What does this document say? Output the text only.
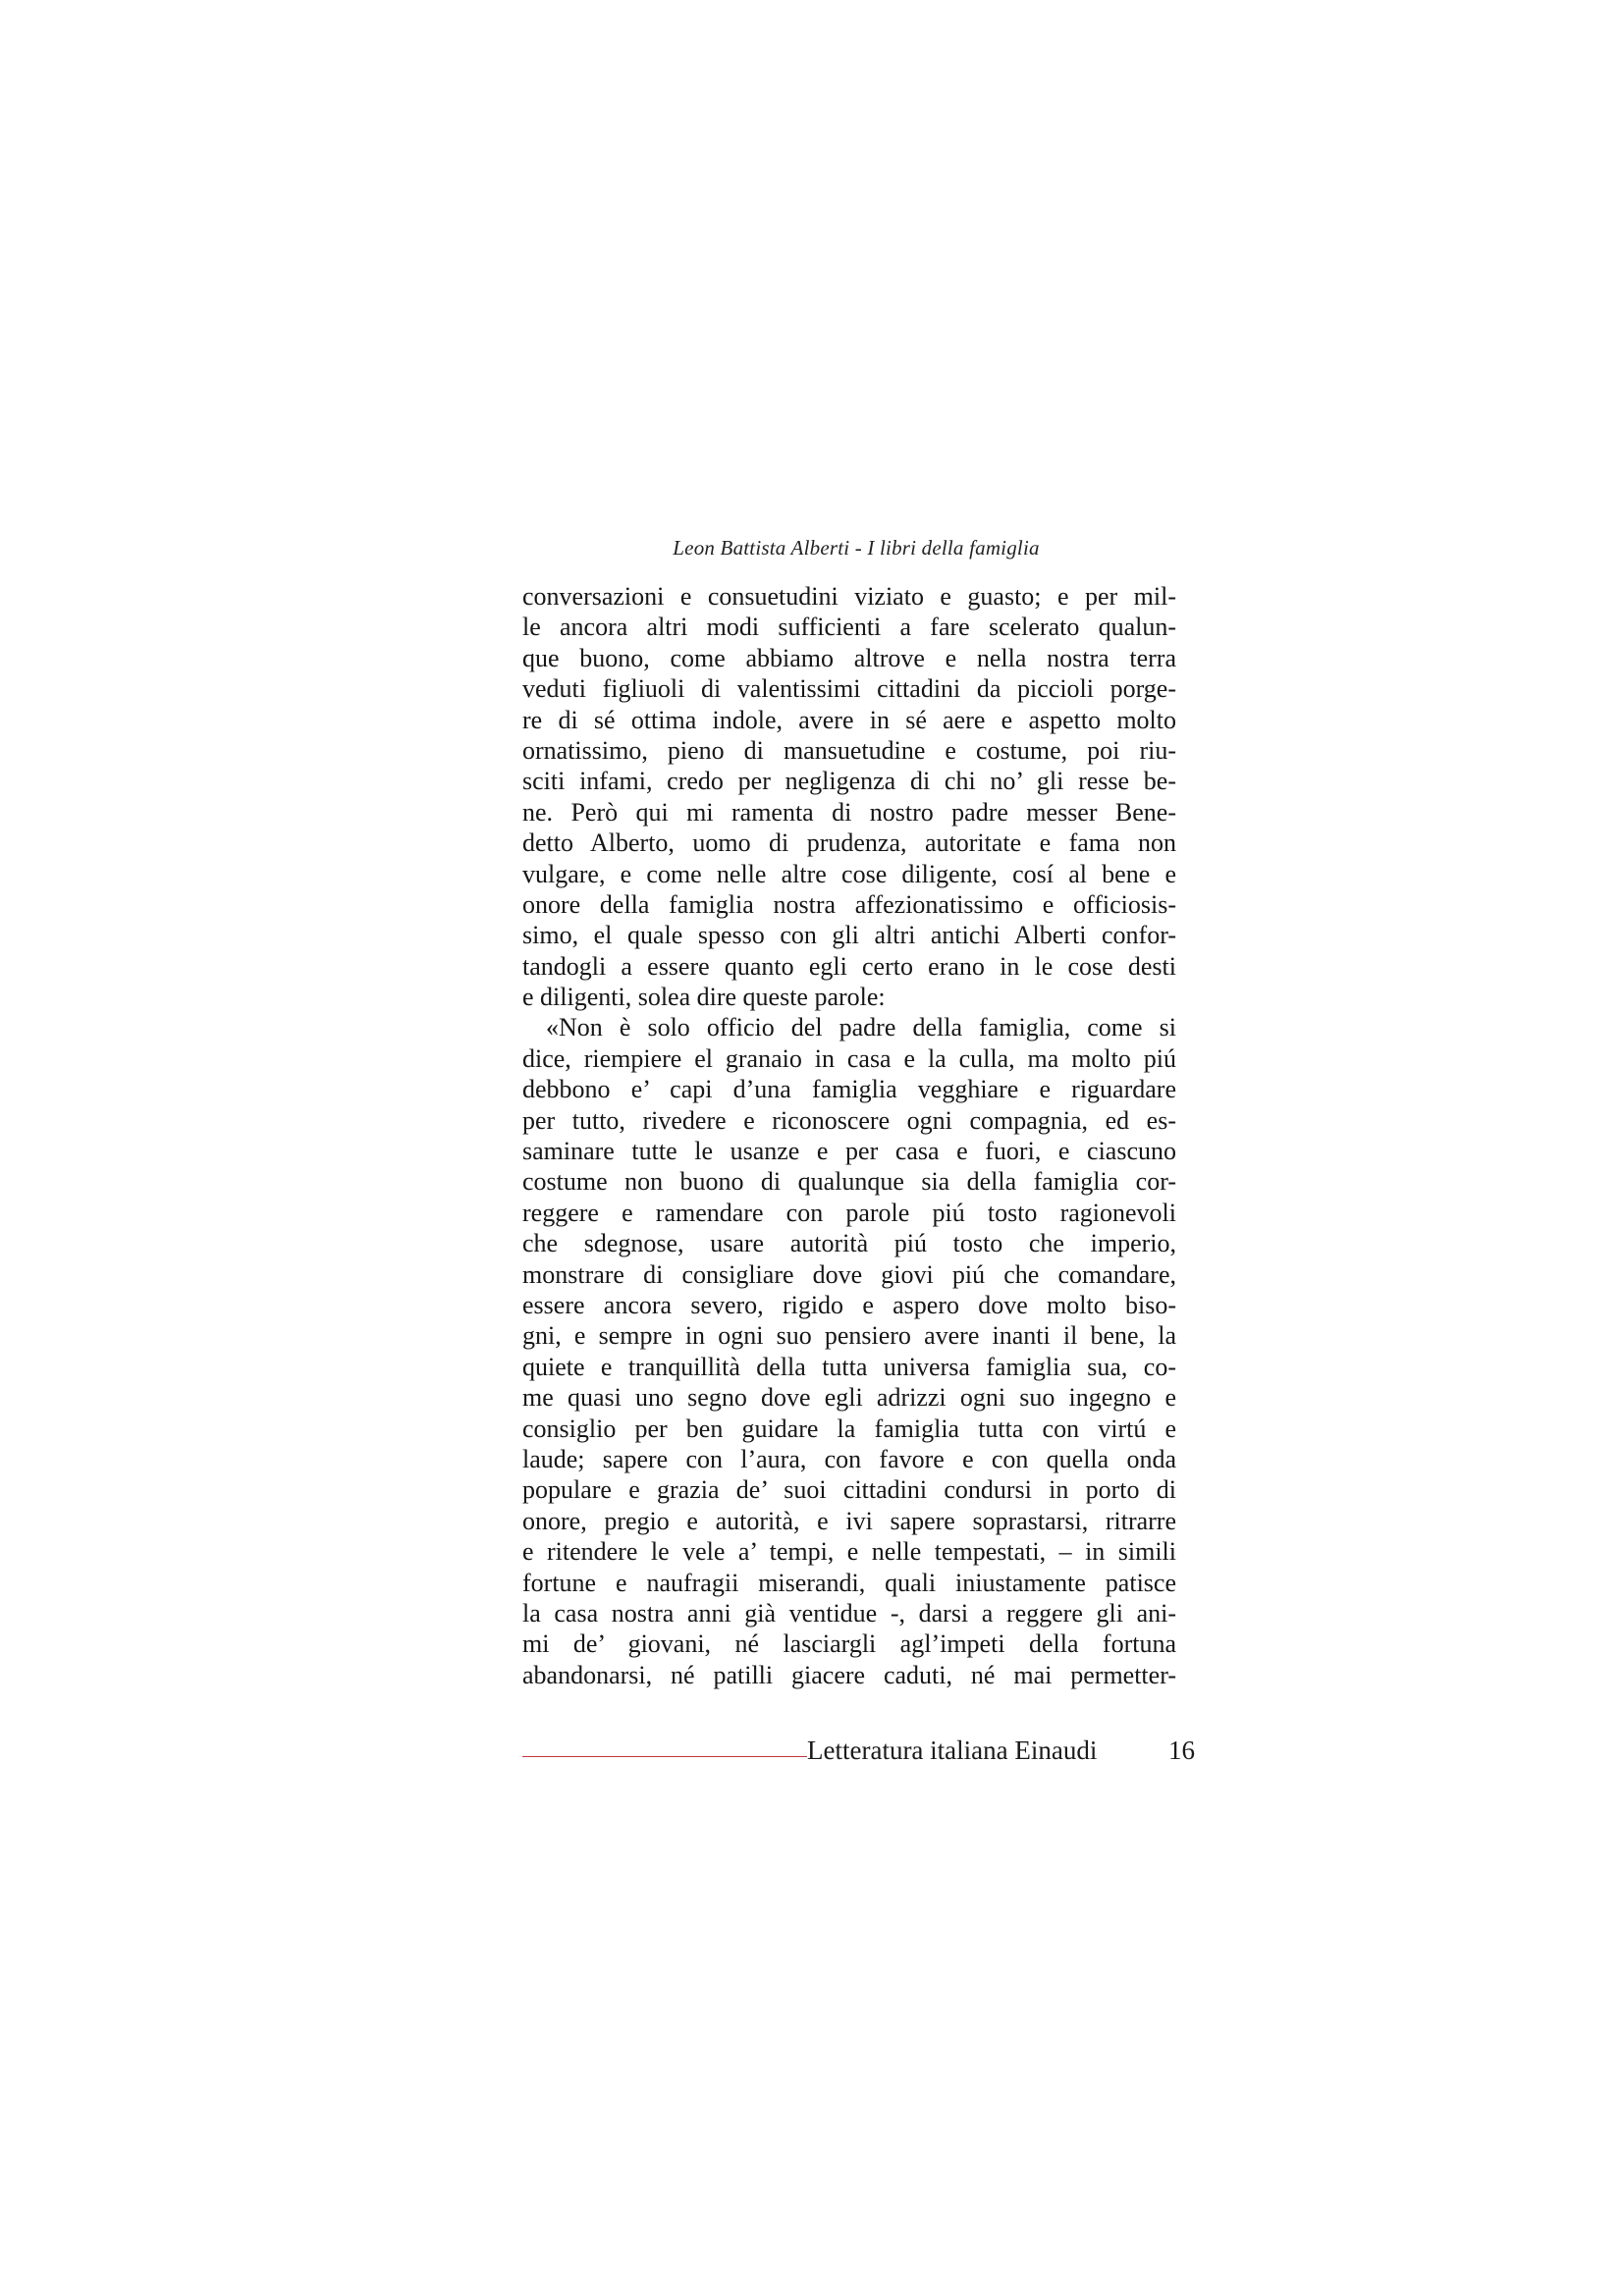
Leon Battista Alberti - I libri della famiglia
conversazioni e consuetudini viziato e guasto; e per mil-
le ancora altri modi sufficienti a fare scelerato qualun-
que buono, come abbiamo altrove e nella nostra terra
veduti figliuoli di valentissimi cittadini da piccioli porge-
re di sé ottima indole, avere in sé aere e aspetto molto
ornatissimo, pieno di mansuetudine e costume, poi riu-
sciti infami, credo per negligenza di chi no’ gli resse be-
ne. Però qui mi ramenta di nostro padre messer Bene-
detto Alberto, uomo di prudenza, autoritate e fama non
vulgare, e come nelle altre cose diligente, cosí al bene e
onore della famiglia nostra affezionatissimo e officiosis-
simo, el quale spesso con gli altri antichi Alberti confor-
tandogli a essere quanto egli certo erano in le cose desti
e diligenti, solea dire queste parole:
«Non è solo officio del padre della famiglia, come si
dice, riempiere el granaio in casa e la culla, ma molto piú
debbono e’ capi d’una famiglia vegghiare e riguardare
per tutto, rivedere e riconoscere ogni compagnia, ed es-
saminare tutte le usanze e per casa e fuori, e ciascuno
costume non buono di qualunque sia della famiglia cor-
reggere e ramendare con parole piú tosto ragionevoli
che sdegnose, usare autorità piú tosto che imperio,
monstrare di consigliare dove giovi piú che comandare,
essere ancora severo, rigido e aspero dove molto biso-
gni, e sempre in ogni suo pensiero avere inanti il bene, la
quiete e tranquillità della tutta universa famiglia sua, co-
me quasi uno segno dove egli adrizzi ogni suo ingegno e
consiglio per ben guidare la famiglia tutta con virtú e
laude; sapere con l’aura, con favore e con quella onda
populare e grazia de’ suoi cittadini condursi in porto di
onore, pregio e autorità, e ivi sapere soprastarsi, ritrarre
e ritendere le vele a’ tempi, e nelle tempestati, – in simili
fortune e naufragii miserandi, quali iniustamente patisce
la casa nostra anni già ventidue -, darsi a reggere gli ani-
mi de’ giovani, né lasciargli agl’impeti della fortuna
abandonarsi, né patilli giacere caduti, né mai permetter-
Letteratura italiana Einaudi	16
